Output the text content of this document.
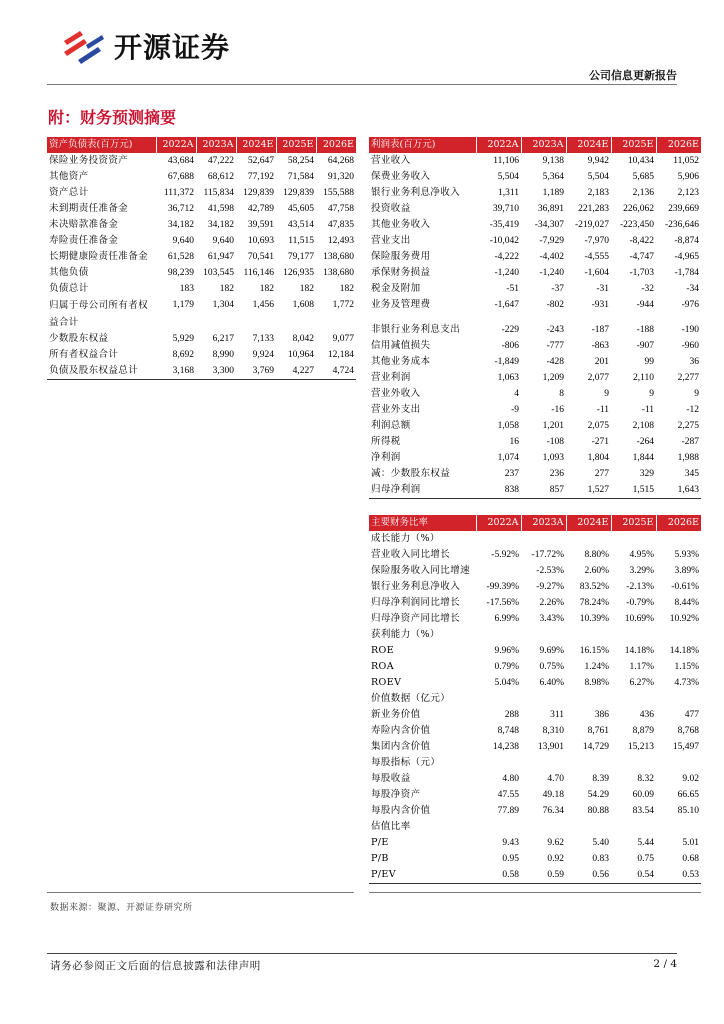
开源证券
公司信息更新报告
附：财务预测摘要
资产负债表(百万元)	2022A	2023A	2024E	2025E	2026E
保险业务投资资产	43,684	47,222	52,647	58,254	64,268
其他资产	67,688	68,612	77,192	71,584	91,320
资产总计	111,372	115,834	129,839	129,839	155,588
未到期责任准备金	36,712	41,598	42,789	45,605	47,758
未决赔款准备金	34,182	34,182	39,591	43,514	47,835
寿险责任准备金	9,640	9,640	10,693	11,515	12,493
长期健康险责任准备金	61,528	61,947	70,541	79,177	138,680
其他负债	98,239	103,545	116,146	126,935	138,680
负债总计	183	182	182	182	182
归属于母公司所有者权益合计	1,179	1,304	1,456	1,608	1,772
少数股东权益	5,929	6,217	7,133	8,042	9,077
所有者权益合计	8,692	8,990	9,924	10,964	12,184
负债及股东权益总计	3,168	3,300	3,769	4,227	4,724
利润表(百万元)	2022A	2023A	2024E	2025E	2026E
营业收入	11,106	9,138	9,942	10,434	11,052
保费业务收入	5,504	5,364	5,504	5,685	5,906
银行业务利息净收入	1,311	1,189	2,183	2,136	2,123
投资收益	39,710	36,891	221,283	226,062	239,669
其他业务收入	-35,419	-34,307	-219,027	-223,450	-236,646
营业支出	-10,042	-7,929	-7,970	-8,422	-8,874
保险服务费用	-4,222	-4,402	-4,555	-4,747	-4,965
承保财务损益	-1,240	-1,240	-1,604	-1,703	-1,784
税金及附加	-51	-37	-31	-32	-34
业务及管理费	-1,647	-802	-931	-944	-976

非银行业务利息支出	-229	-243	-187	-188	-190
信用减值损失	-806	-777	-863	-907	-960
其他业务成本	-1,849	-428	201	99	36
营业利润	1,063	1,209	2,077	2,110	2,277
营业外收入	4	8	9	9	9
营业外支出	-9	-16	-11	-11	-12
利润总额	1,058	1,201	2,075	2,108	2,275
所得税	16	-108	-271	-264	-287
净利润	1,074	1,093	1,804	1,844	1,988
减：少数股东权益	237	236	277	329	345
归母净利润	838	857	1,527	1,515	1,643
主要财务比率	2022A	2023A	2024E	2025E	2026E
成长能力（%）					
营业收入同比增长	-5.92%	-17.72%	8.80%	4.95%	5.93%
保险服务收入同比增速		-2.53%	2.60%	3.29%	3.89%
银行业务利息净收入	-99.39%	-9.27%	83.52%	-2.13%	-0.61%
归母净利润同比增长	-17.56%	2.26%	78.24%	-0.79%	8.44%
归母净资产同比增长	6.99%	3.43%	10.39%	10.69%	10.92%
获利能力（%）					
ROE	9.96%	9.69%	16.15%	14.18%	14.18%
ROA	0.79%	0.75%	1.24%	1.17%	1.15%
ROEV	5.04%	6.40%	8.98%	6.27%	4.73%
价值数据（亿元）					
新业务价值	288	311	386	436	477
寿险内含价值	8,748	8,310	8,761	8,879	8,768
集团内含价值	14,238	13,901	14,729	15,213	15,497
每股指标（元）					
每股收益	4.80	4.70	8.39	8.32	9.02
每股净资产	47.55	49.18	54.29	60.09	66.65
每股内含价值	77.89	76.34	80.88	83.54	85.10
估值比率					
P/E	9.43	9.62	5.40	5.44	5.01
P/B	0.95	0.92	0.83	0.75	0.68
P/EV	0.58	0.59	0.56	0.54	0.53
数据来源：聚源、开源证券研究所
请务必参阅正文后面的信息披露和法律声明	2 / 4
